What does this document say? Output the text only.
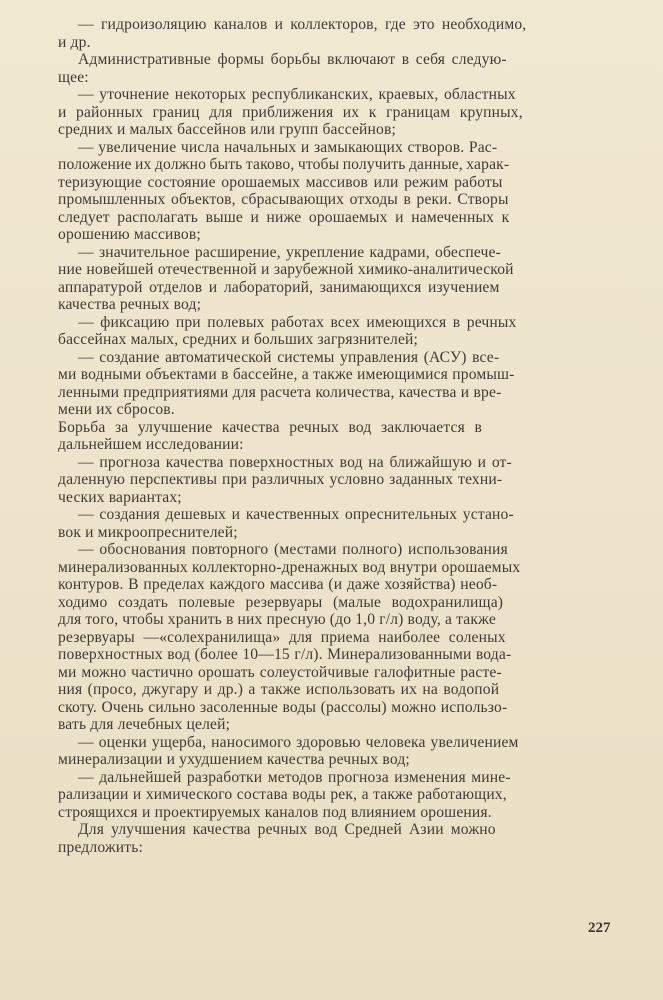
— гидроизоляцию каналов и коллекторов, где это необходимо,
и др.
Административные формы борьбы включают в себя следую-
щее:
— уточнение некоторых республиканских, краевых, областных
и районных границ для приближения их к границам крупных,
средних и малых бассейнов или групп бассейнов;
— увеличение числа начальных и замыкающих створов. Рас-
положение их должно быть таково, чтобы получить данные, харак-
теризующие состояние орошаемых массивов или режим работы
промышленных объектов, сбрасывающих отходы в реки. Створы
следует располагать выше и ниже орошаемых и намеченных к
орошению массивов;
— значительное расширение, укрепление кадрами, обеспече-
ние новейшей отечественной и зарубежной химико-аналитической
аппаратурой отделов и лабораторий, занимающихся изучением
качества речных вод;
— фиксацию при полевых работах всех имеющихся в речных
бассейнах малых, средних и больших загрязнителей;
— создание автоматической системы управления (АСУ) все-
ми водными объектами в бассейне, а также имеющимися промыш-
ленными предприятиями для расчета количества, качества и вре-
мени их сбросов.
Борьба за улучшение качества речных вод заключается в
дальнейшем исследовании:
— прогноза качества поверхностных вод на ближайшую и от-
даленную перспективы при различных условно заданных техни-
ческих вариантах;
— создания дешевых и качественных опреснительных устано-
вок и микроопреснителей;
— обоснования повторного (местами полного) использования
минерализованных коллекторно-дренажных вод внутри орошаемых
контуров. В пределах каждого массива (и даже хозяйства) необ-
ходимо создать полевые резервуары (малые водохранилища)
для того, чтобы хранить в них пресную (до 1,0 г/л) воду, а также
резервуары —«солехранилища» для приема наиболее соленых
поверхностных вод (более 10—15 г/л). Минерализованными вода-
ми можно частично орошать солеустойчивые галофитные расте-
ния (просо, джугару и др.) а также использовать их на водопой
скоту. Очень сильно засоленные воды (рассолы) можно использо-
вать для лечебных целей;
— оценки ущерба, наносимого здоровью человека увеличением
минерализации и ухудшением качества речных вод;
— дальнейшей разработки методов прогноза изменения мине-
рализации и химического состава воды рек, а также работающих,
строящихся и проектируемых каналов под влиянием орошения.
Для улучшения качества речных вод Средней Азии можно
предложить:
227
